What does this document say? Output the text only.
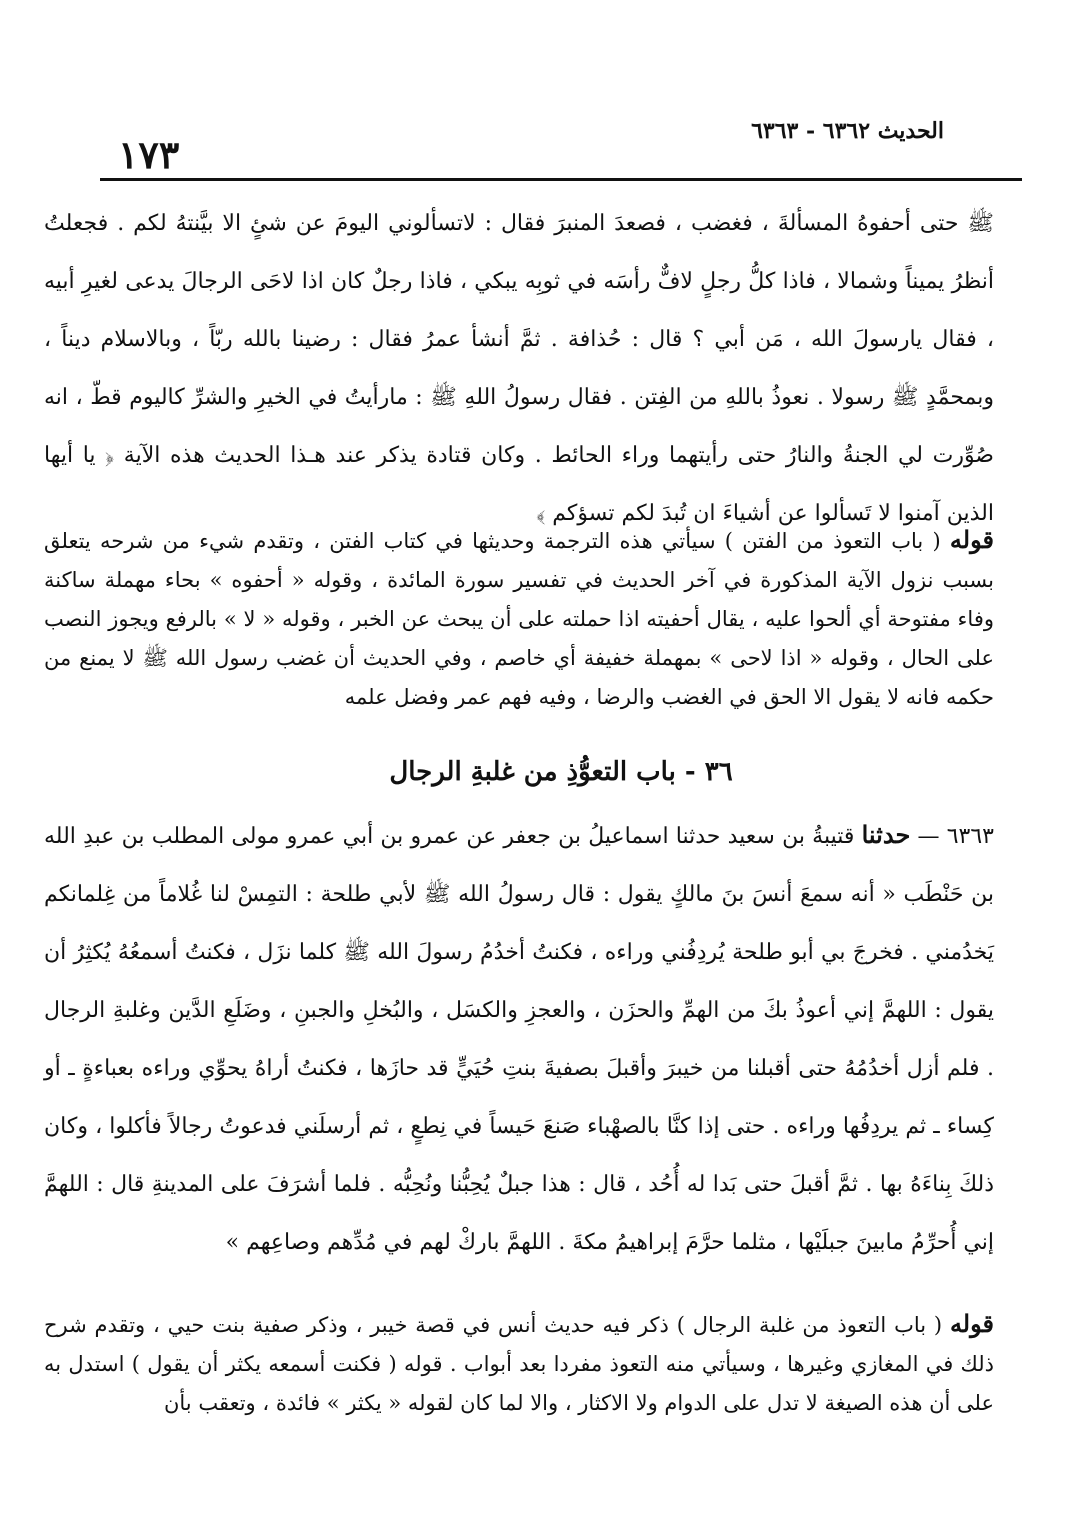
الحديث ٦٣٦٢ - ٦٣٦٣
١٧٣
ﷺ حتى أحفوهُ المسألةَ ، فغضب ، فصعدَ المنبرَ فقال : لاتسألوني اليومَ عن شئٍ الا بيَّنتهُ لكم . فجعلتُ أنظرُ يميناً وشمالا ، فاذا كلُّ رجلٍ لافٌّ رأسَه في ثوبِه يبكي ، فاذا رجلٌ كان اذا لاحَى الرجالَ يدعى لغيرِ أبيه ، فقال يارسولَ الله ، مَن أبي ؟ قال : حُذافة . ثمَّ أنشأ عمرُ فقال : رضينا بالله ربّاً ، وبالاسلام ديناً ، وبمحمَّدٍ ﷺ رسولا . نعوذُ باللهِ من الفِتن . فقال رسولُ اللهِ ﷺ : مارأيتُ في الخيرِ والشرِّ كاليوم قطّ ، انه صُوِّرت لي الجنةُ والنارُ حتى رأيتهما وراء الحائط . وكان قتادة يذكر عند هـذا الحديث هذه الآية ﴿ يا أيها الذين آمنوا لا تَسألوا عن أشياءَ ان تُبدَ لكم تسؤكم ﴾
قوله ( باب التعوذ من الفتن ) سيأتي هذه الترجمة وحديثها في كتاب الفتن ، وتقدم شيء من شرحه يتعلق بسبب نزول الآية المذكورة في آخر الحديث في تفسير سورة المائدة ، وقوله « أحفوه » بحاء مهملة ساكنة وفاء مفتوحة أي ألحوا عليه ، يقال أحفيته اذا حملته على أن يبحث عن الخبر ، وقوله « لا » بالرفع ويجوز النصب على الحال ، وقوله « اذا لاحى » بمهملة خفيفة أي خاصم ، وفي الحديث أن غضب رسول الله ﷺ لا يمنع من حكمه فانه لا يقول الا الحق في الغضب والرضا ، وفيه فهم عمر وفضل علمه
٣٦ - باب التعوُّذِ من غلبةِ الرجال
٦٣٦٣ — حدثنا قتيبةُ بن سعيد حدثنا اسماعيلُ بن جعفر عن عمرو بن أبي عمرو مولى المطلب بن عبدِ الله بن حَنْطَب « أنه سمعَ أنسَ بنَ مالكٍ يقول : قال رسولُ الله ﷺ لأبي طلحة : التمِسْ لنا غُلاماً من غِلمانكم يَخدُمني . فخرجَ بي أبو طلحة يُردِفُني وراءه ، فكنتُ أخدُمُ رسولَ الله ﷺ كلما نزَل ، فكنتُ أسمعُهُ يُكثِرُ أن يقول : اللهمَّ إني أعوذُ بكَ من الهمِّ والحزَن ، والعجزِ والكسَل ، والبُخلِ والجبنِ ، وضَلَعِ الدَّين وغلبةِ الرجال . فلم أزل أخدُمُهُ حتى أقبلنا من خيبرَ وأقبلَ بصفيةَ بنتِ حُيَيٍّ قد حازَها ، فكنتُ أراهُ يحوِّي وراءه بعباءةٍ ـ أو كِساء ـ ثم يردِفُها وراءه . حتى إذا كنَّا بالصهْباء صَنعَ حَيساً في نِطعٍ ، ثم أرسلَني فدعوتُ رجالاً فأكلوا ، وكان ذلكَ بِناءَهُ بها . ثمَّ أقبلَ حتى بَدا له أُحُد ، قال : هذا جبلٌ يُحِبُّنا ونُحِبُّه . فلما أشرَفَ على المدينةِ قال : اللهمَّ إني أُحرِّمُ مابينَ جبلَيْها ، مثلما حرَّمَ إبراهيمُ مكةَ . اللهمَّ باركْ لهم في مُدِّهم وصاعِهم »
قوله ( باب التعوذ من غلبة الرجال ) ذكر فيه حديث أنس في قصة خيبر ، وذكر صفية بنت حيي ، وتقدم شرح ذلك في المغازي وغيرها ، وسيأتي منه التعوذ مفردا بعد أبواب . قوله ( فكنت أسمعه يكثر أن يقول ) استدل به على أن هذه الصيغة لا تدل على الدوام ولا الاكثار ، والا لما كان لقوله « يكثر » فائدة ، وتعقب بأن
